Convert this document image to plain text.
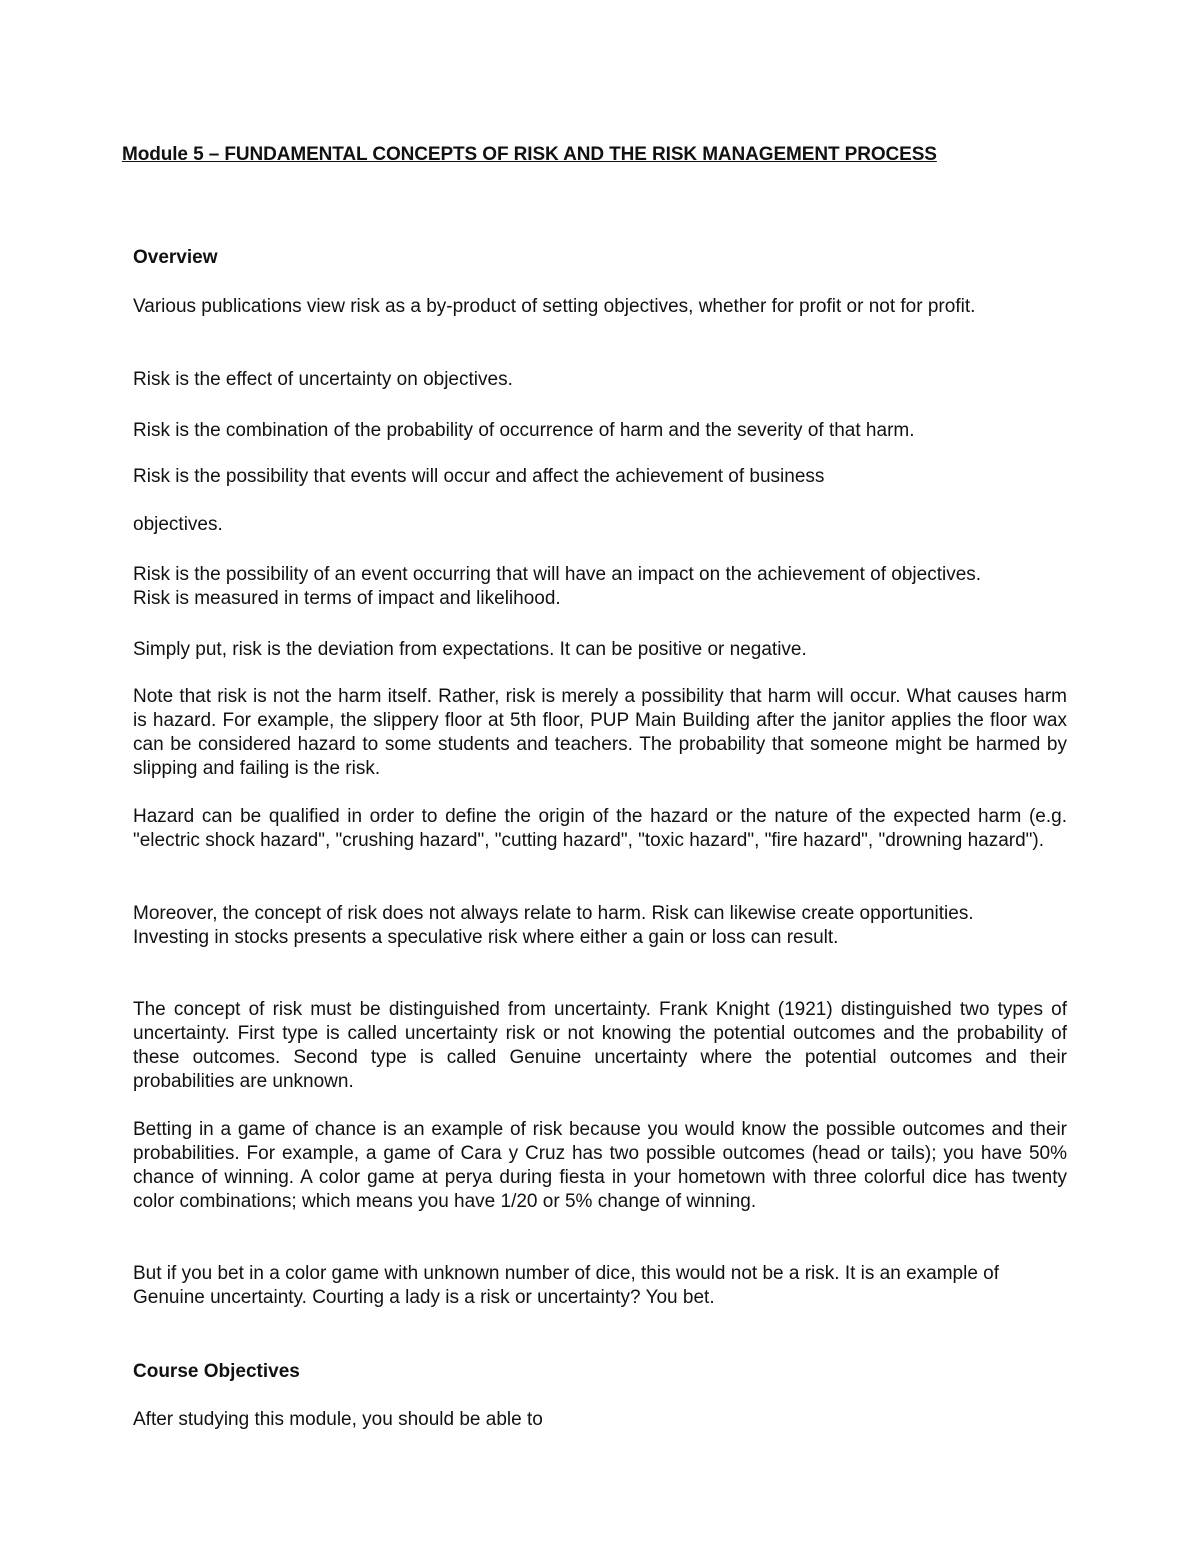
Module 5 – FUNDAMENTAL CONCEPTS OF RISK AND THE RISK MANAGEMENT PROCESS
Overview

Various publications view risk as a by-product of setting objectives, whether for profit or not for profit.

Risk is the effect of uncertainty on objectives.

Risk is the combination of the probability of occurrence of harm and the severity of that harm.

Risk is the possibility that events will occur and affect the achievement of business

objectives.

Risk is the possibility of an event occurring that will have an impact on the achievement of objectives. Risk is measured in terms of impact and likelihood.

Simply put, risk is the deviation from expectations. It can be positive or negative.

Note that risk is not the harm itself. Rather, risk is merely a possibility that harm will occur. What causes harm is hazard. For example, the slippery floor at 5th floor, PUP Main Building after the janitor applies the floor wax can be considered hazard to some students and teachers. The probability that someone might be harmed by slipping and failing is the risk.

Hazard can be qualified in order to define the origin of the hazard or the nature of the expected harm (e.g. "electric shock hazard", "crushing hazard", "cutting hazard", "toxic hazard", "fire hazard", "drowning hazard").

Moreover, the concept of risk does not always relate to harm. Risk can likewise create opportunities. Investing in stocks presents a speculative risk where either a gain or loss can result.

The concept of risk must be distinguished from uncertainty. Frank Knight (1921) distinguished two types of uncertainty. First type is called uncertainty risk or not knowing the potential outcomes and the probability of these outcomes. Second type is called Genuine uncertainty where the potential outcomes and their probabilities are unknown.

Betting in a game of chance is an example of risk because you would know the possible outcomes and their probabilities. For example, a game of Cara y Cruz has two possible outcomes (head or tails); you have 50% chance of winning. A color game at perya during fiesta in your hometown with three colorful dice has twenty color combinations; which means you have 1/20 or 5% change of winning.

But if you bet in a color game with unknown number of dice, this would not be a risk. It is an example of Genuine uncertainty. Courting a lady is a risk or uncertainty? You bet.

Course Objectives

After studying this module, you should be able to
